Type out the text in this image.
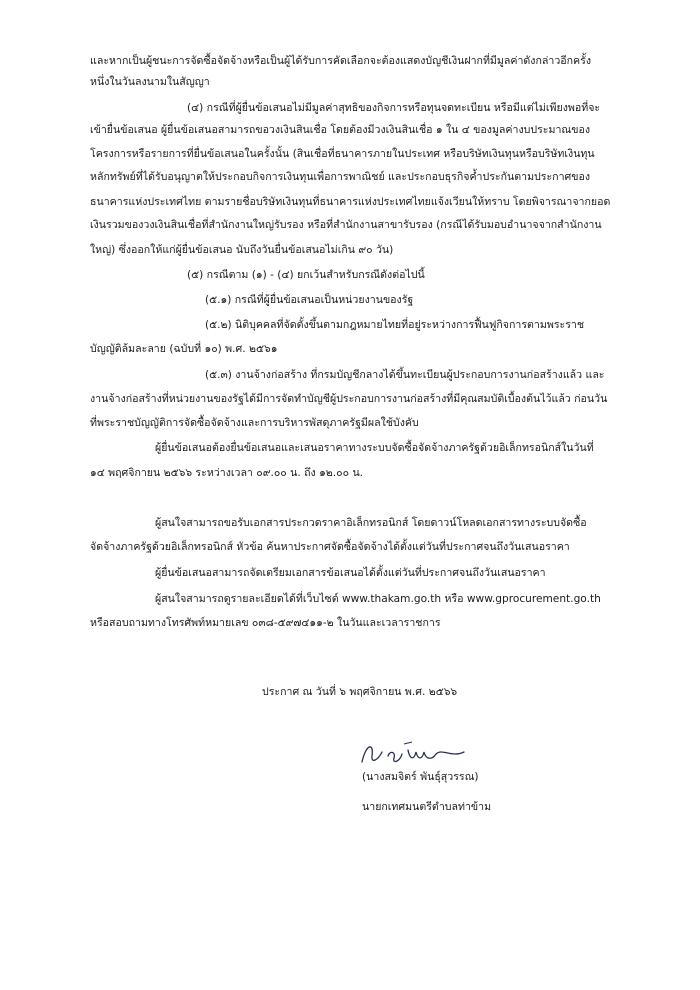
และหากเป็นผู้ชนะการจัดซื้อจัดจ้างหรือเป็นผู้ได้รับการคัดเลือกจะต้องแสดงบัญชีเงินฝากที่มีมูลค่าดังกล่าวอีกครั้ง
หนึ่งในวันลงนามในสัญญา
(๔) กรณีที่ผู้ยื่นข้อเสนอไม่มีมูลค่าสุทธิของกิจการหรือทุนจดทะเบียน หรือมีแต่ไม่เพียงพอที่จะ
เข้ายื่นข้อเสนอ ผู้ยื่นข้อเสนอสามารถขอวงเงินสินเชื่อ โดยต้องมีวงเงินสินเชื่อ ๑ ใน ๔ ของมูลค่างบประมาณของ
โครงการหรือรายการที่ยื่นข้อเสนอในครั้งนั้น (สินเชื่อที่ธนาคารภายในประเทศ หรือบริษัทเงินทุนหรือบริษัทเงินทุน
หลักทรัพย์ที่ได้รับอนุญาตให้ประกอบกิจการเงินทุนเพื่อการพาณิชย์ และประกอบธุรกิจค้ำประกันตามประกาศของ
ธนาคารแห่งประเทศไทย ตามรายชื่อบริษัทเงินทุนที่ธนาคารแห่งประเทศไทยแจ้งเวียนให้ทราบ โดยพิจารณาจากยอด
เงินรวมของวงเงินสินเชื่อที่สำนักงานใหญ่รับรอง หรือที่สำนักงานสาขารับรอง (กรณีได้รับมอบอำนาจจากสำนักงาน
ใหญ่) ซึ่งออกให้แก่ผู้ยื่นข้อเสนอ นับถึงวันยื่นข้อเสนอไม่เกิน ๙๐ วัน)
(๕) กรณีตาม (๑) - (๔) ยกเว้นสำหรับกรณีดังต่อไปนี้
(๕.๑) กรณีที่ผู้ยื่นข้อเสนอเป็นหน่วยงานของรัฐ
(๕.๒) นิติบุคคลที่จัดตั้งขึ้นตามกฎหมายไทยที่อยู่ระหว่างการฟื้นฟูกิจการตามพระราช
บัญญัติล้มละลาย (ฉบับที่ ๑๐) พ.ศ. ๒๕๖๑
(๕.๓) งานจ้างก่อสร้าง ที่กรมบัญชีกลางได้ขึ้นทะเบียนผู้ประกอบการงานก่อสร้างแล้ว และ
งานจ้างก่อสร้างที่หน่วยงานของรัฐได้มีการจัดทำบัญชีผู้ประกอบการงานก่อสร้างที่มีคุณสมบัติเบื้องต้นไว้แล้ว ก่อนวัน
ที่พระราชบัญญัติการจัดซื้อจัดจ้างและการบริหารพัสดุภาครัฐมีผลใช้บังคับ
ผู้ยื่นข้อเสนอต้องยื่นข้อเสนอและเสนอราคาทางระบบจัดซื้อจัดจ้างภาครัฐด้วยอิเล็กทรอนิกส์ในวันที่
๑๔ พฤศจิกายน ๒๕๖๖ ระหว่างเวลา ๐๙.๐๐ น. ถึง ๑๒.๐๐ น.
ผู้สนใจสามารถขอรับเอกสารประกวดราคาอิเล็กทรอนิกส์ โดยดาวน์โหลดเอกสารทางระบบจัดซื้อ
จัดจ้างภาครัฐด้วยอิเล็กทรอนิกส์ หัวข้อ ค้นหาประกาศจัดซื้อจัดจ้างได้ตั้งแต่วันที่ประกาศจนถึงวันเสนอราคา
ผู้ยื่นข้อเสนอสามารถจัดเตรียมเอกสารข้อเสนอได้ตั้งแต่วันที่ประกาศจนถึงวันเสนอราคา
ผู้สนใจสามารถดูรายละเอียดได้ที่เว็บไซต์ www.thakam.go.th หรือ www.gprocurement.go.th
หรือสอบถามทางโทรศัพท์หมายเลข ๐๓๘-๕๙๗๔๑๑-๒ ในวันและเวลาราชการ
ประกาศ ณ วันที่ ๖ พฤศจิกายน พ.ศ. ๒๕๖๖
(นางสมจิตร์ พันธุ์สุวรรณ)
นายกเทศมนตรีตำบลท่าข้าม
